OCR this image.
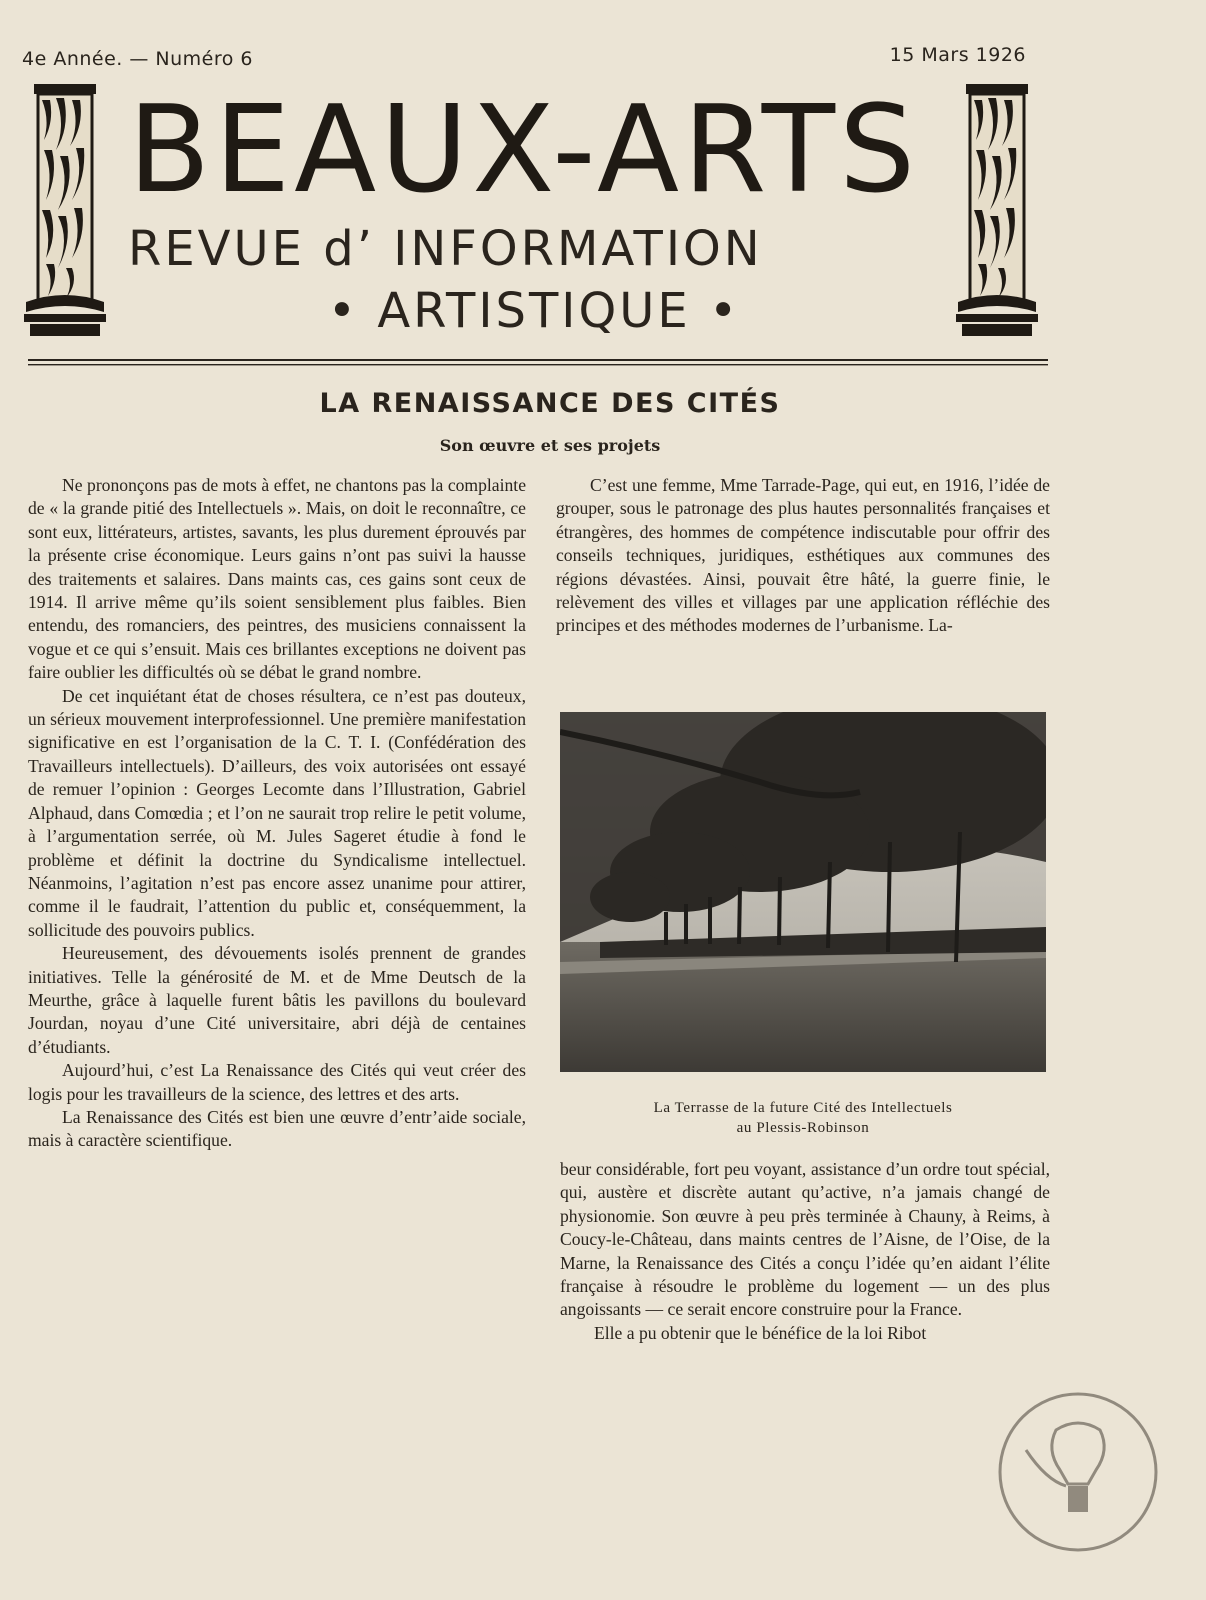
4e Année. — Numéro 6	15 Mars 1926
BEAUX-ARTS
REVUE d’ INFORMATION
• ARTISTIQUE •
LA RENAISSANCE DES CITÉS
Son œuvre et ses projets

Ne prononçons pas de mots à effet, ne chantons pas la complainte de « la grande pitié des Intellectuels ». Mais, on doit le reconnaître, ce sont eux, littérateurs, artistes, savants, les plus durement éprouvés par la présente crise économique. Leurs gains n’ont pas suivi la hausse des traitements et salaires. Dans maints cas, ces gains sont ceux de 1914. Il arrive même qu’ils soient sensiblement plus faibles. Bien entendu, des romanciers, des peintres, des musiciens connaissent la vogue et ce qui s’ensuit. Mais ces brillantes exceptions ne doivent pas faire oublier les difficultés où se débat le grand nombre.

De cet inquiétant état de choses résultera, ce n’est pas douteux, un sérieux mouvement interprofessionnel. Une première manifestation significative en est l’organisation de la C. T. I. (Confédération des Travailleurs intellectuels). D’ailleurs, des voix autorisées ont essayé de remuer l’opinion : Georges Lecomte dans l’Illustration, Gabriel Alphaud, dans Comœdia ; et l’on ne saurait trop relire le petit volume, à l’argumentation serrée, où M. Jules Sageret étudie à fond le problème et définit la doctrine du Syndicalisme intellectuel. Néanmoins, l’agitation n’est pas encore assez unanime pour attirer, comme il le faudrait, l’attention du public et, conséquemment, la sollicitude des pouvoirs publics.

Heureusement, des dévouements isolés prennent de grandes initiatives. Telle la générosité de M. et de Mme Deutsch de la Meurthe, grâce à laquelle furent bâtis les pavillons du boulevard Jourdan, noyau d’une Cité universitaire, abri déjà de centaines d’étudiants.

Aujourd’hui, c’est La Renaissance des Cités qui veut créer des logis pour les travailleurs de la science, des lettres et des arts.

La Renaissance des Cités est bien une œuvre d’entr’aide sociale, mais à caractère scientifique.

C’est une femme, Mme Tarrade-Page, qui eut, en 1916, l’idée de grouper, sous le patronage des plus hautes personnalités françaises et étrangères, des hommes de compétence indiscutable pour offrir des conseils techniques, juridiques, esthétiques aux communes des régions dévastées. Ainsi, pouvait être hâté, la guerre finie, le relèvement des villes et villages par une application réfléchie des principes et des méthodes modernes de l’urbanisme. La-

La Terrasse de la future Cité des Intellectuels
au Plessis-Robinson

beur considérable, fort peu voyant, assistance d’un ordre tout spécial, qui, austère et discrète autant qu’active, n’a jamais changé de physionomie. Son œuvre à peu près terminée à Chauny, à Reims, à Coucy-le-Château, dans maints centres de l’Aisne, de l’Oise, de la Marne, la Renaissance des Cités a conçu l’idée qu’en aidant l’élite française à résoudre le problème du logement — un des plus angoissants — ce serait encore construire pour la France.

Elle a pu obtenir que le bénéfice de la loi Ribot
